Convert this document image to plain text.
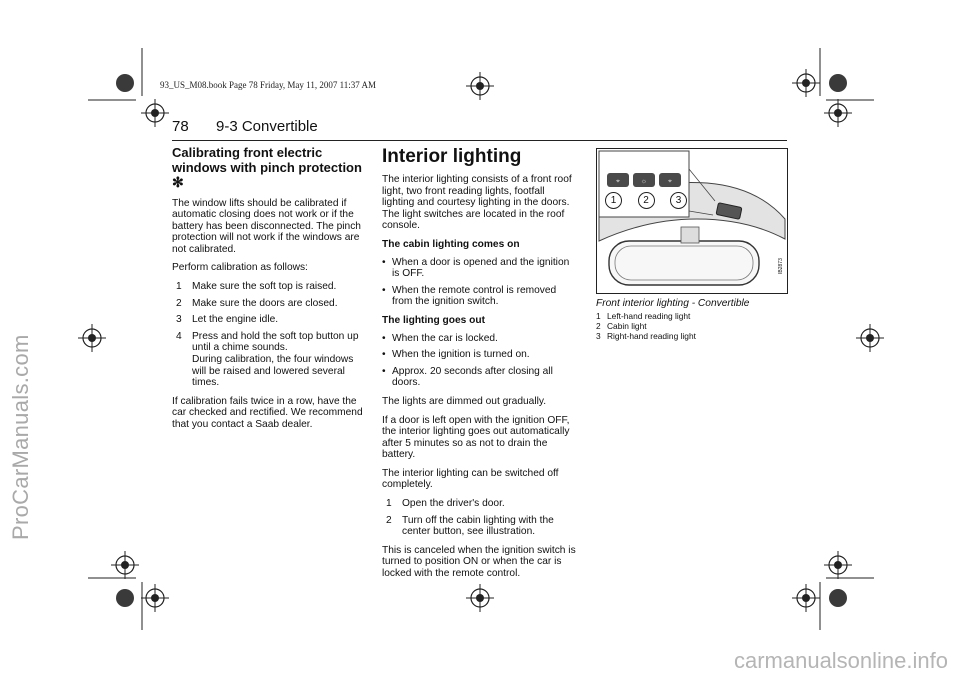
93_US_M08.book Page 78 Friday, May 11, 2007 11:37 AM
ProCarManuals.com
carmanualsonline.info
78 9-3 Convertible
Calibrating front electric windows with pinch protection ✻

The window lifts should be calibrated if automatic closing does not work or if the battery has been disconnected. The pinch protection will not work if the windows are not calibrated.

Perform calibration as follows:

1 Make sure the soft top is raised.
2 Make sure the doors are closed.
3 Let the engine idle.
4 Press and hold the soft top button up until a chime sounds.
During calibration, the four windows will be raised and lowered several times.

If calibration fails twice in a row, have the car checked and rectified. We recommend that you contact a Saab dealer.

Interior lighting

The interior lighting consists of a front roof light, two front reading lights, footfall lighting and courtesy lighting in the doors. The light switches are located in the roof console.

The cabin lighting comes on
• When a door is opened and the ignition is OFF.
• When the remote control is removed from the ignition switch.
The lighting goes out
• When the car is locked.
• When the ignition is turned on.
• Approx. 20 seconds after closing all doors.

The lights are dimmed out gradually.

If a door is left open with the ignition OFF, the interior lighting goes out automatically after 5 minutes so as not to drain the battery.

The interior lighting can be switched off completely.

1 Open the driver's door.
2 Turn off the cabin lighting with the center button, see illustration.

This is canceled when the ignition switch is turned to position ON or when the car is locked with the remote control.

⌖	☼	⌖
1	2	3
IB2873
Front interior lighting - Convertible
1 Left-hand reading light
2 Cabin light
3 Right-hand reading light
